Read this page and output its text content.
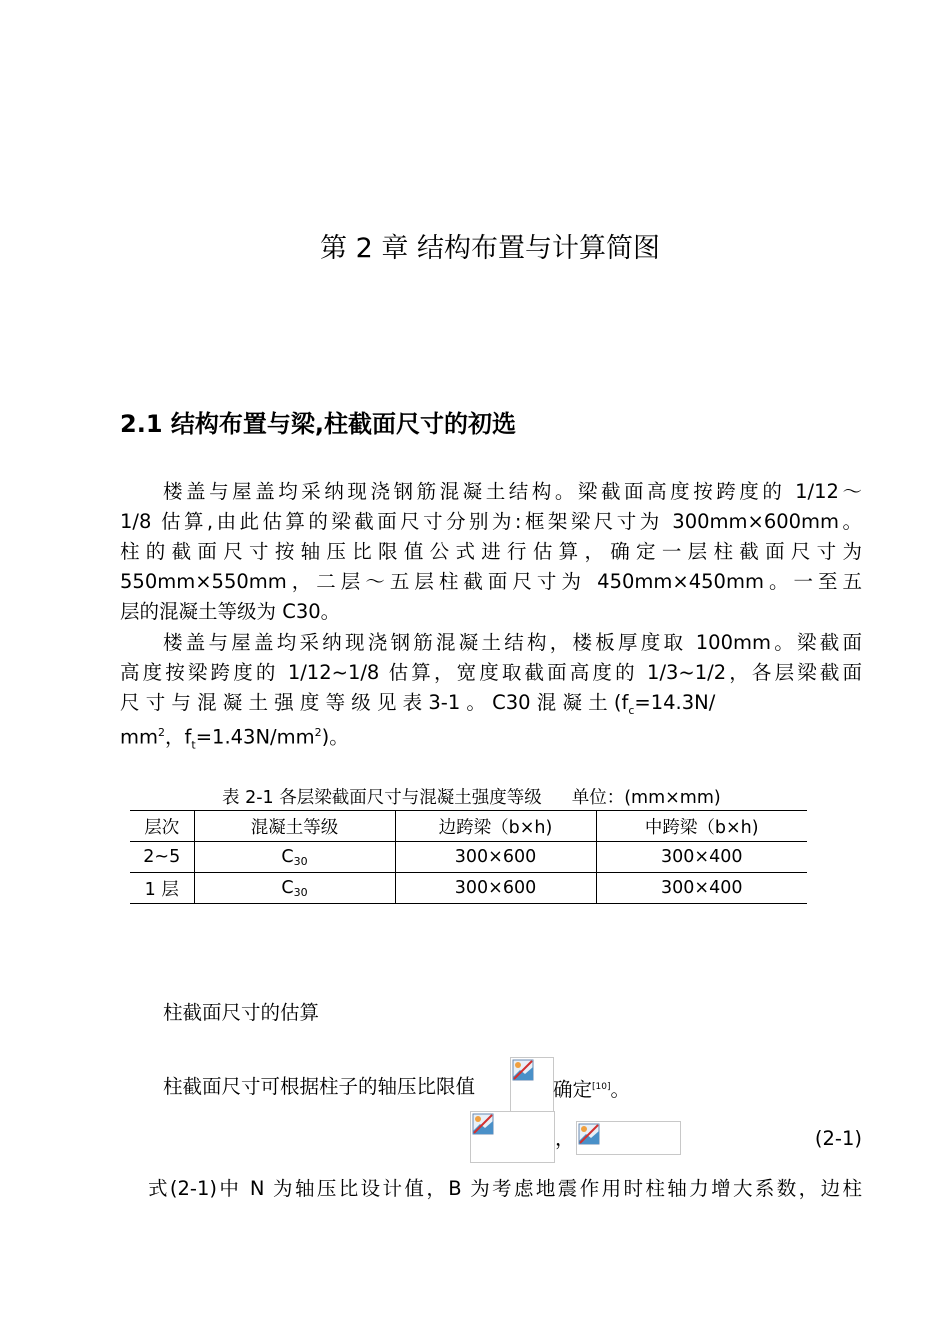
第 2 章 结构布置与计算简图
2.1 结构布置与梁,柱截面尺寸的初选
楼盖与屋盖均采纳现浇钢筋混凝土结构。梁截面高度按跨度的 1/12～
1/8 估算,由此估算的梁截面尺寸分别为:框架梁尺寸为 300mm×600mm。
柱的截面尺寸按轴压比限值公式进行估算，确定一层柱截面尺寸为
550mm×550mm，二层～五层柱截面尺寸为 450mm×450mm。一至五
层的混凝土等级为 C30。
楼盖与屋盖均采纳现浇钢筋混凝土结构，楼板厚度取 100mm。梁截面
高度按梁跨度的 1/12~1/8 估算，宽度取截面高度的 1/3~1/2，各层梁截面
尺 寸 与 混 凝 土 强 度 等 级 见 表 3-1 。 C30 混 凝 土 ($f_c=14.3N/$
$mm^2$，$f_t=1.43N/mm^2$)。
表 2-1 各层梁截面尺寸与混凝土强度等级 单位：(mm×mm)
层次	混凝土等级	边跨梁（b×h)	中跨梁（b×h)
2~5	C30	300×600	300×400
1 层	C30	300×600	300×400
柱截面尺寸的估算
柱截面尺寸可根据柱子的轴压比限值	确定[10]。
，	(2-1)
式(2-1)中 N 为轴压比设计值，B 为考虑地震作用时柱轴力增大系数，边柱
